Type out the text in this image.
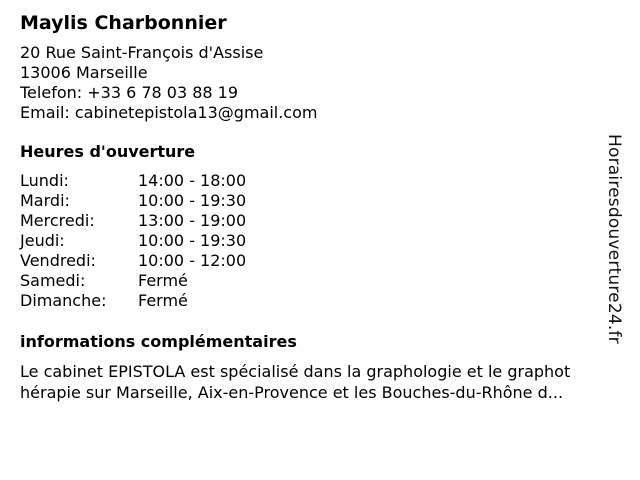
Maylis Charbonnier
20 Rue Saint-François d'Assise
13006 Marseille
Telefon: +33 6 78 03 88 19
Email: cabinetepistola13@gmail.com
Heures d'ouverture
Lundi:	14:00 - 18:00
Mardi:	10:00 - 19:30
Mercredi:	13:00 - 19:00
Jeudi:	10:00 - 19:30
Vendredi:	10:00 - 12:00
Samedi:	Fermé
Dimanche:	Fermé
informations complémentaires
Le cabinet EPISTOLA est spécialisé dans la graphologie et le graphot
hérapie sur Marseille, Aix-en-Provence et les Bouches-du-Rhône d...
Horairesdouverture24.fr
